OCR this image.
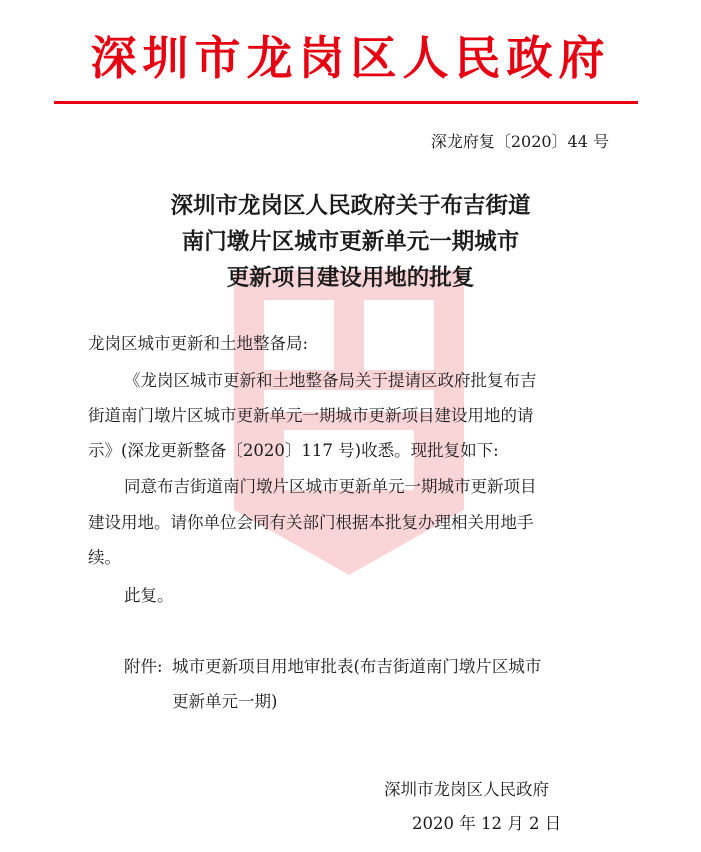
深圳市龙岗区人民政府
深龙府复〔2020〕44 号
深圳市龙岗区人民政府关于布吉街道
南门墩片区城市更新单元一期城市
更新项目建设用地的批复
龙岗区城市更新和土地整备局:
《龙岗区城市更新和土地整备局关于提请区政府批复布吉
街道南门墩片区城市更新单元一期城市更新项目建设用地的请
示》(深龙更新整备〔2020〕117 号)收悉。现批复如下:
同意布吉街道南门墩片区城市更新单元一期城市更新项目
建设用地。请你单位会同有关部门根据本批复办理相关用地手
续。
此复。
附件: 城市更新项目用地审批表(布吉街道南门墩片区城市
更新单元一期)
深圳市龙岗区人民政府
2020 年 12 月 2 日
